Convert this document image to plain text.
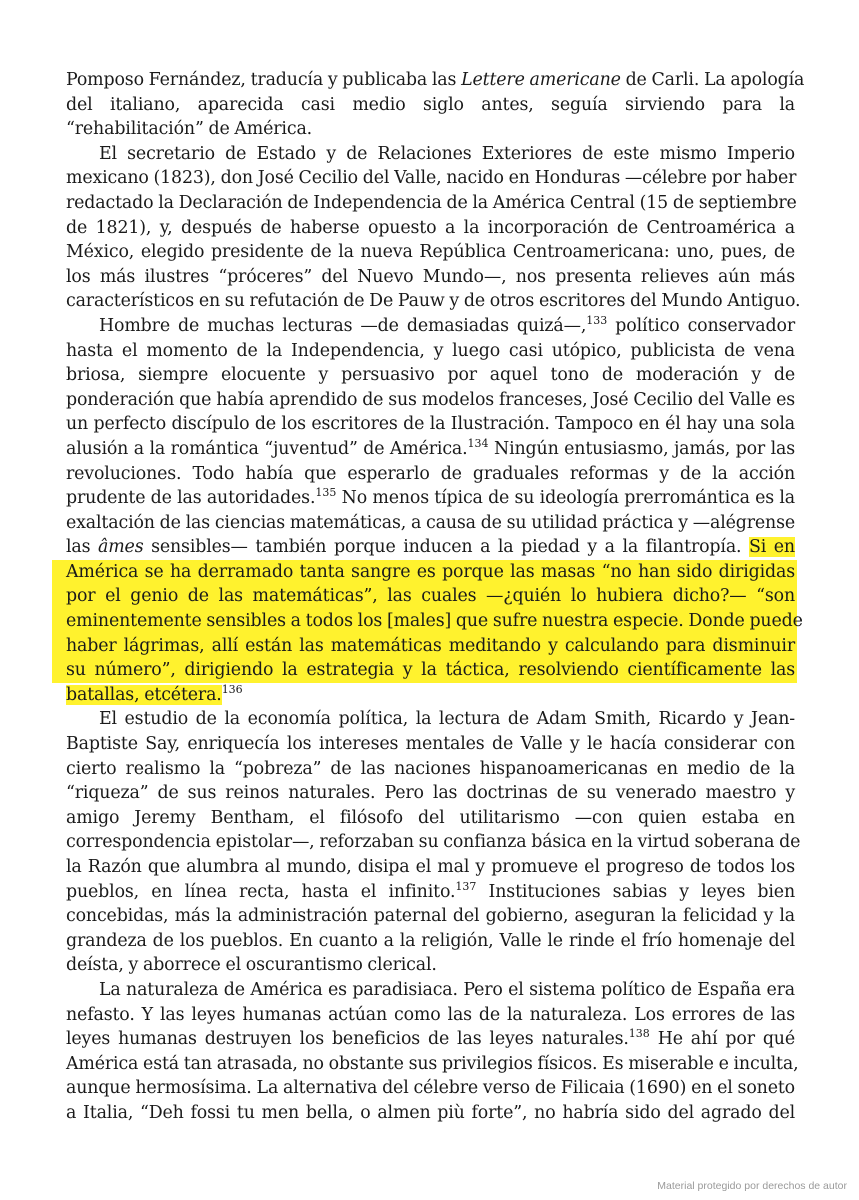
Pomposo Fernández, traducía y publicaba las Lettere americane de Carli. La apología
del italiano, aparecida casi medio siglo antes, seguía sirviendo para la
“rehabilitación” de América.
El secretario de Estado y de Relaciones Exteriores de este mismo Imperio
mexicano (1823), don José Cecilio del Valle, nacido en Honduras —célebre por haber
redactado la Declaración de Independencia de la América Central (15 de septiembre
de 1821), y, después de haberse opuesto a la incorporación de Centroamérica a
México, elegido presidente de la nueva República Centroamericana: uno, pues, de
los más ilustres “próceres” del Nuevo Mundo—, nos presenta relieves aún más
característicos en su refutación de De Pauw y de otros escritores del Mundo Antiguo.
Hombre de muchas lecturas —de demasiadas quizá—,$^{133}$ político conservador
hasta el momento de la Independencia, y luego casi utópico, publicista de vena
briosa, siempre elocuente y persuasivo por aquel tono de moderación y de
ponderación que había aprendido de sus modelos franceses, José Cecilio del Valle es
un perfecto discípulo de los escritores de la Ilustración. Tampoco en él hay una sola
alusión a la romántica “juventud” de América.$^{134}$ Ningún entusiasmo, jamás, por las
revoluciones. Todo había que esperarlo de graduales reformas y de la acción
prudente de las autoridades.$^{135}$ No menos típica de su ideología prerromántica es la
exaltación de las ciencias matemáticas, a causa de su utilidad práctica y —alégrense
las âmes sensibles— también porque inducen a la piedad y a la filantropía. Si en
América se ha derramado tanta sangre es porque las masas “no han sido dirigidas
por el genio de las matemáticas”, las cuales —¿quién lo hubiera dicho?— “son
eminentemente sensibles a todos los [males] que sufre nuestra especie. Donde puede
haber lágrimas, allí están las matemáticas meditando y calculando para disminuir
su número”, dirigiendo la estrategia y la táctica, resolviendo científicamente las
batallas, etcétera.$^{136}$
El estudio de la economía política, la lectura de Adam Smith, Ricardo y Jean-
Baptiste Say, enriquecía los intereses mentales de Valle y le hacía considerar con
cierto realismo la “pobreza” de las naciones hispanoamericanas en medio de la
“riqueza” de sus reinos naturales. Pero las doctrinas de su venerado maestro y
amigo Jeremy Bentham, el filósofo del utilitarismo —con quien estaba en
correspondencia epistolar—, reforzaban su confianza básica en la virtud soberana de
la Razón que alumbra al mundo, disipa el mal y promueve el progreso de todos los
pueblos, en línea recta, hasta el infinito.$^{137}$ Instituciones sabias y leyes bien
concebidas, más la administración paternal del gobierno, aseguran la felicidad y la
grandeza de los pueblos. En cuanto a la religión, Valle le rinde el frío homenaje del
deísta, y aborrece el oscurantismo clerical.
La naturaleza de América es paradisiaca. Pero el sistema político de España era
nefasto. Y las leyes humanas actúan como las de la naturaleza. Los errores de las
leyes humanas destruyen los beneficios de las leyes naturales.$^{138}$ He ahí por qué
América está tan atrasada, no obstante sus privilegios físicos. Es miserable e inculta,
aunque hermosísima. La alternativa del célebre verso de Filicaia (1690) en el soneto
a Italia, “Deh fossi tu men bella, o almen più forte”, no habría sido del agrado del
Material protegido por derechos de autor
